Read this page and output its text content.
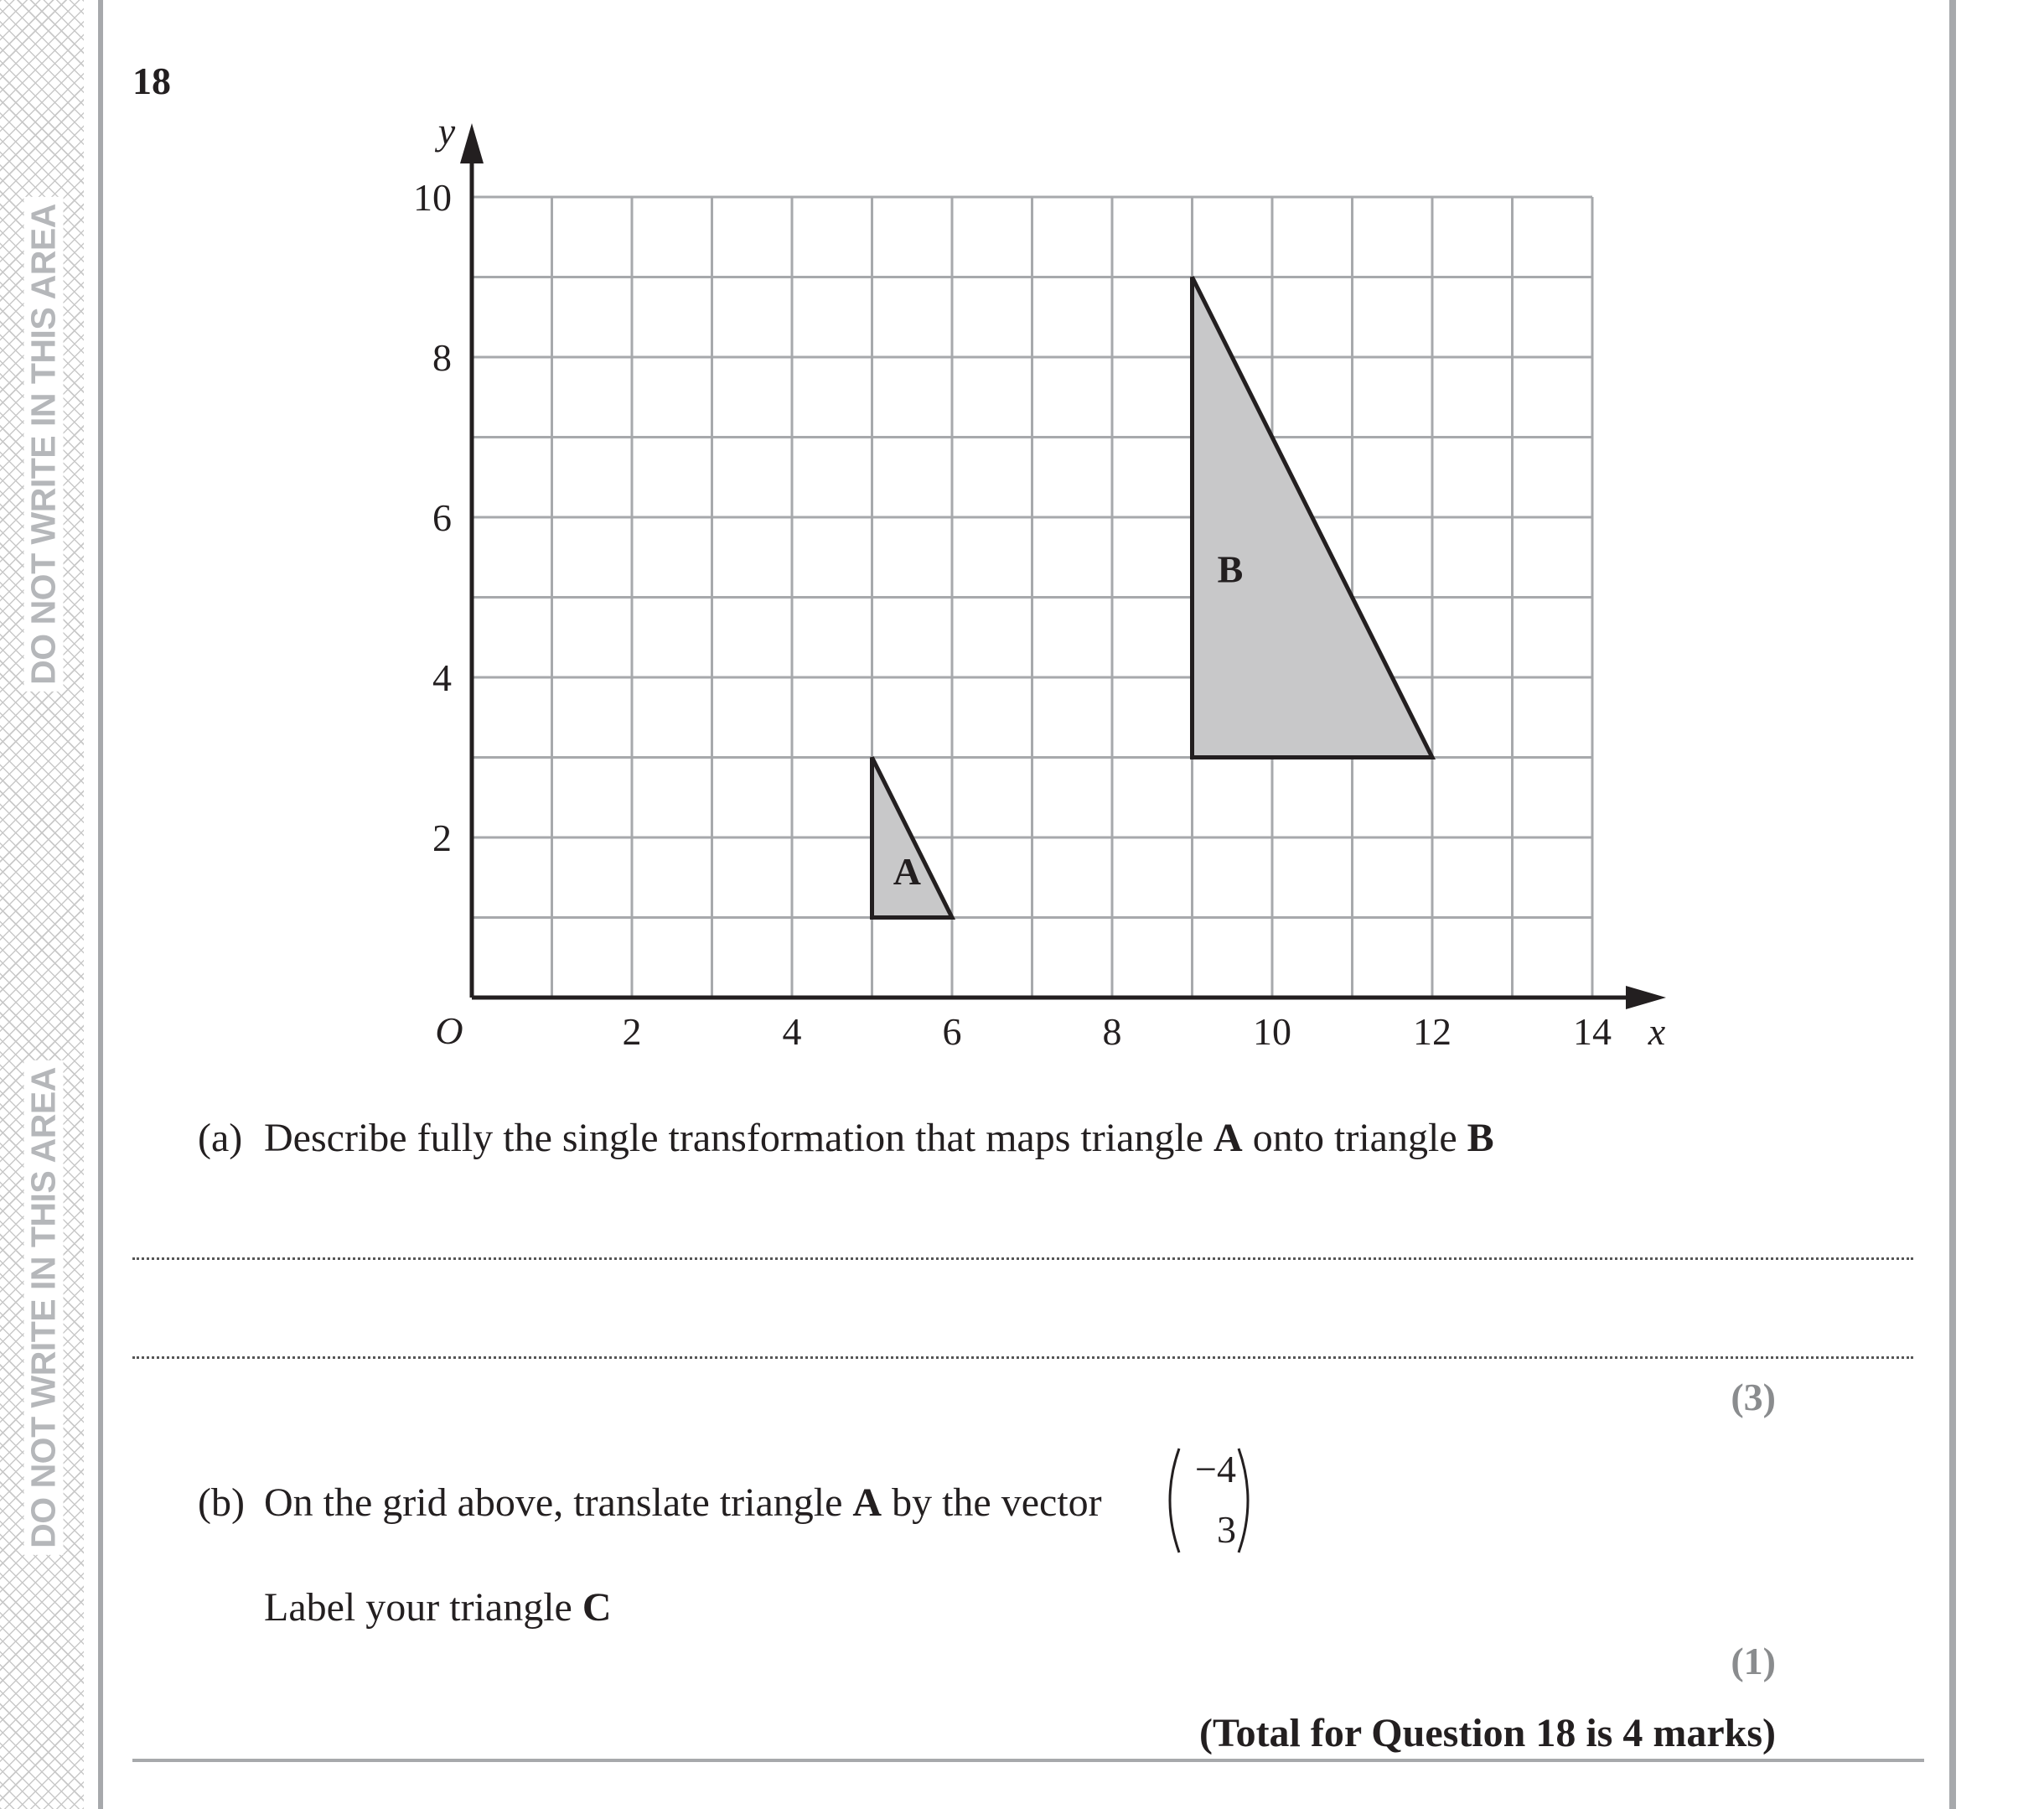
DO NOT WRITE IN THIS AREA
DO NOT WRITE IN THIS AREA
18
2	4	6	8	10	12	14
2
4
6
8
10
O	x
y
A
B
(a) Describe fully the single transformation that maps triangle A onto triangle B
(3)
(b) On the grid above, translate triangle A by the vector
−4
3
Label your triangle C
(1)
(Total for Question 18 is 4 marks)
